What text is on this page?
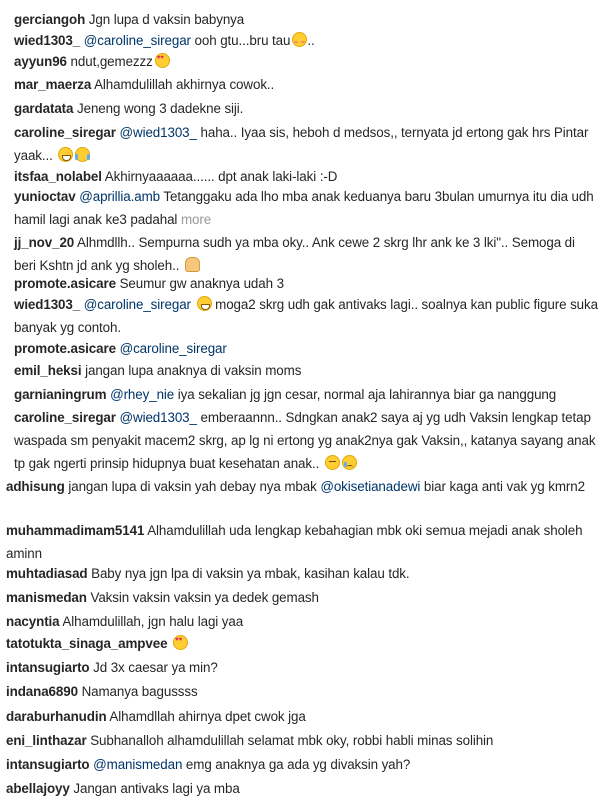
gerciangoh Jgn lupa d vaksin babynya
wied1303_ @caroline_siregar ooh gtu...bru tau ..
ayyun96 ndut,gemezzz♥♥
mar_maerza Alhamdulillah akhirnya cowok..
gardatata Jeneng wong 3 dadekne siji.
caroline_siregar @wied1303_ haha.. Iyaa sis, heboh d medsos,, ternyata jd ertong gak hrs Pintar yaak...
itsfaa_nolabel Akhirnyaaaaaa...... dpt anak laki-laki :-D
yunioctav @aprillia.amb Tetanggaku ada lho mba anak keduanya baru 3bulan umurnya itu dia udh hamil lagi anak ke3 padahal more
jj_nov_20 Alhmdllh.. Sempurna sudh ya mba oky.. Ank cewe 2 skrg lhr ank ke 3 lki".. Semoga di beri Kshtn jd ank yg sholeh..
promote.asicare Seumur gw anaknya udah 3
wied1303_ @caroline_siregar moga2 skrg udh gak antivaks lagi.. soalnya kan public figure suka banyak yg contoh.
promote.asicare @caroline_siregar
emil_heksi jangan lupa anaknya di vaksin moms
garnianingrum @rhey_nie iya sekalian jg jgn cesar, normal aja lahirannya biar ga nanggung
caroline_siregar @wied1303_ emberaannn.. Sdngkan anak2 saya aj yg udh Vaksin lengkap tetap waspada sm penyakit macem2 skrg, ap lg ni ertong yg anak2nya gak Vaksin,, katanya sayang anak tp gak ngerti prinsip hidupnya buat kesehatan anak..
adhisung jangan lupa di vaksin yah debay nya mbak @okisetianadewi biar kaga anti vak yg kmrn2
muhammadimam5141 Alhamdulillah uda lengkap kebahagian mbk oki semua mejadi anak sholeh aminn
muhtadiasad Baby nya jgn lpa di vaksin ya mbak, kasihan kalau tdk.
manismedan Vaksin vaksin vaksin ya dedek gemash
nacyntia Alhamdulillah, jgn halu lagi yaa
tatotukta_sinaga_ampvee ♥♥
intansugiarto Jd 3x caesar ya min?
indana6890 Namanya bagussss
daraburhanudin Alhamdllah ahirnya dpet cwok jga
eni_linthazar Subhanalloh alhamdulillah selamat mbk oky, robbi habli minas solihin
intansugiarto @manismedan emg anaknya ga ada yg divaksin yah?
abellajoyy Jangan antivaks lagi ya mba
